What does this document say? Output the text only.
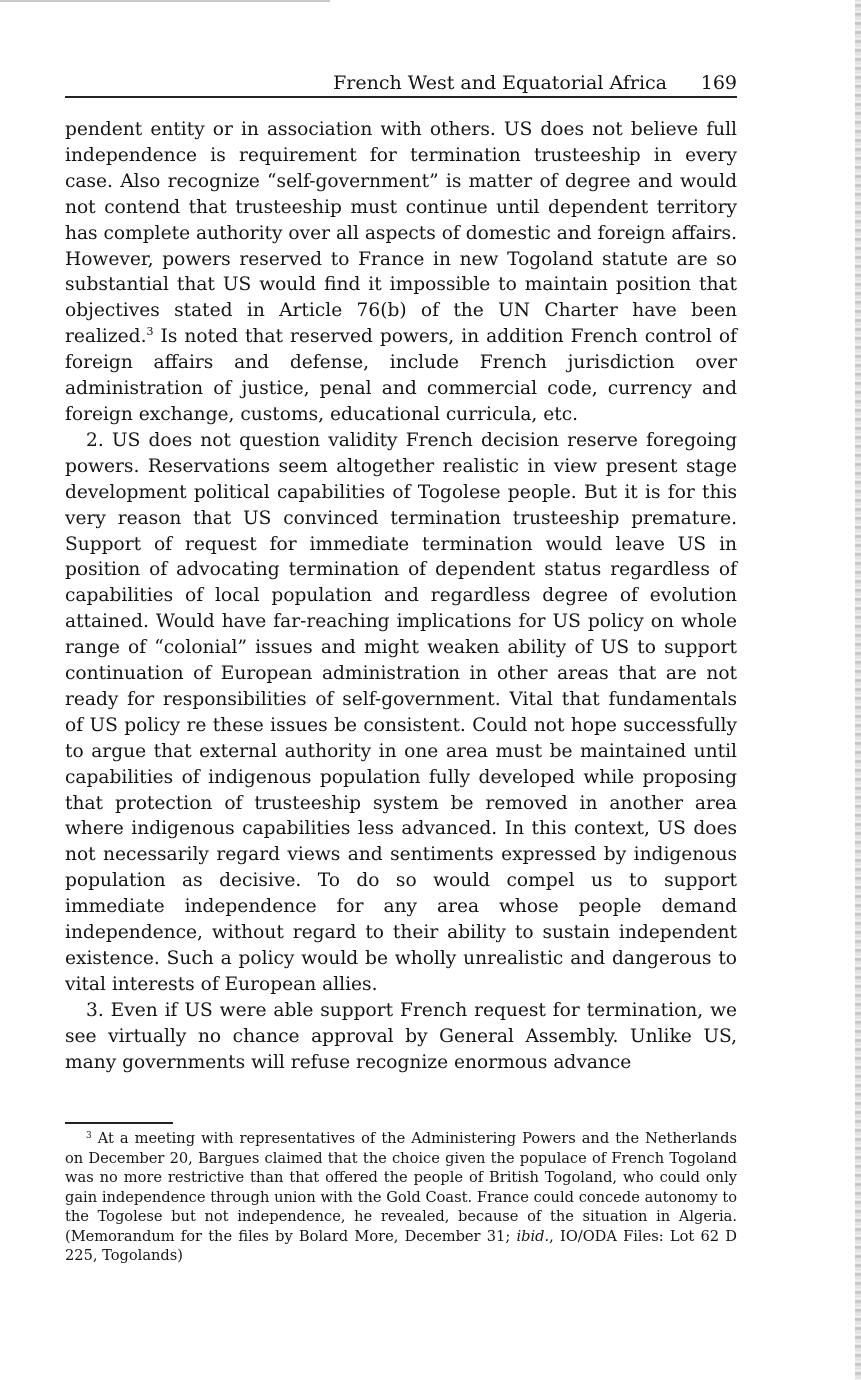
French West and Equatorial Africa 169

pendent entity or in association with others. US does not believe full independence is requirement for termination trusteeship in every case. Also recognize “self-government” is matter of degree and would not contend that trusteeship must continue until dependent territory has complete authority over all aspects of domestic and foreign affairs. However, powers reserved to France in new Togoland statute are so substantial that US would find it impossible to maintain position that objectives stated in Article 76(b) of the UN Charter have been realized.$^3$ Is noted that reserved powers, in addition French control of foreign affairs and defense, include French jurisdiction over administration of justice, penal and commercial code, currency and foreign exchange, customs, educational curricula, etc.

2. US does not question validity French decision reserve foregoing powers. Reservations seem altogether realistic in view present stage development political capabilities of Togolese people. But it is for this very reason that US convinced termination trusteeship premature. Support of request for immediate termination would leave US in position of advocating termination of dependent status regardless of capabilities of local population and regardless degree of evolution attained. Would have far-reaching implications for US policy on whole range of “colonial” issues and might weaken ability of US to support continuation of European administration in other areas that are not ready for responsibilities of self-government. Vital that fundamentals of US policy re these issues be consistent. Could not hope successfully to argue that external authority in one area must be maintained until capabilities of indigenous population fully developed while proposing that protection of trusteeship system be removed in another area where indigenous capabilities less advanced. In this context, US does not necessarily regard views and sentiments expressed by indigenous population as decisive. To do so would compel us to support immediate independence for any area whose people demand independence, without regard to their ability to sustain independent existence. Such a policy would be wholly unrealistic and dangerous to vital interests of European allies.

3. Even if US were able support French request for termination, we see virtually no chance approval by General Assembly. Unlike US, many governments will refuse recognize enormous advance

$^3$ At a meeting with representatives of the Administering Powers and the Netherlands on December 20, Bargues claimed that the choice given the populace of French Togoland was no more restrictive than that offered the people of British Togoland, who could only gain independence through union with the Gold Coast. France could concede autonomy to the Togolese but not independence, he revealed, because of the situation in Algeria. (Memorandum for the files by Bolard More, December 31; ibid., IO/ODA Files: Lot 62 D 225, Togolands)
